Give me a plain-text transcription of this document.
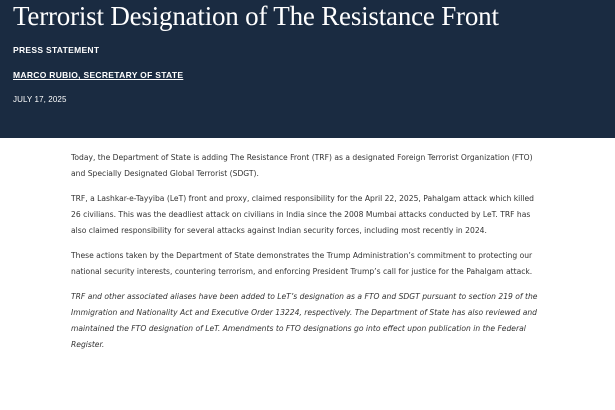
Terrorist Designation of The Resistance Front
PRESS STATEMENT
MARCO RUBIO, SECRETARY OF STATE
JULY 17, 2025

Today, the Department of State is adding The Resistance Front (TRF) as a designated Foreign Terrorist Organization (FTO) and Specially Designated Global Terrorist (SDGT).

TRF, a Lashkar-e-Tayyiba (LeT) front and proxy, claimed responsibility for the April 22, 2025, Pahalgam attack which killed 26 civilians. This was the deadliest attack on civilians in India since the 2008 Mumbai attacks conducted by LeT. TRF has also claimed responsibility for several attacks against Indian security forces, including most recently in 2024.

These actions taken by the Department of State demonstrates the Trump Administration’s commitment to protecting our national security interests, countering terrorism, and enforcing President Trump’s call for justice for the Pahalgam attack.

TRF and other associated aliases have been added to LeT’s designation as a FTO and SDGT pursuant to section 219 of the Immigration and Nationality Act and Executive Order 13224, respectively. The Department of State has also reviewed and maintained the FTO designation of LeT. Amendments to FTO designations go into effect upon publication in the Federal Register.
